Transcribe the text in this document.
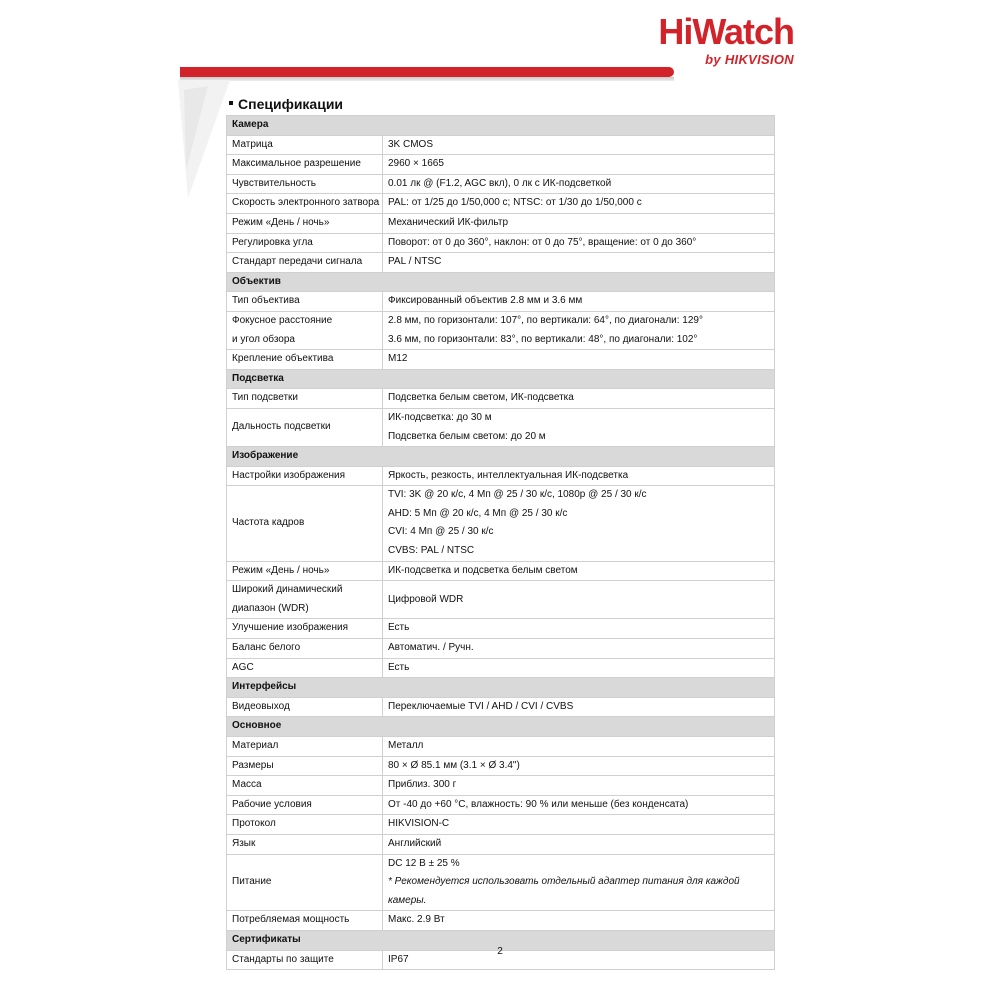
HiWatch
by HIKVISION
Спецификации
Камера	

Матрица	3K CMOS

Максимальное разрешение	2960 × 1665

Чувствительность	0.01 лк @ (F1.2, AGC вкл), 0 лк с ИК-подсветкой

Скорость электронного затвора	PAL: от 1/25 до 1/50,000 с; NTSC: от 1/30 до 1/50,000 с

Режим «День / ночь»	Механический ИК-фильтр

Регулировка угла	Поворот: от 0 до 360°, наклон: от 0 до 75°, вращение: от 0 до 360°

Стандарт передачи сигнала	PAL / NTSC

Объектив	

Тип объектива	Фиксированный объектив 2.8 мм и 3.6 мм

Фокусное расстояние
и угол обзора	2.8 мм, по горизонтали: 107°, по вертикали: 64°, по диагонали: 129°
3.6 мм, по горизонтали: 83°, по вертикали: 48°, по диагонали: 102°

Крепление объектива	M12

Подсветка	

Тип подсветки	Подсветка белым светом, ИК-подсветка

Дальность подсветки	ИК-подсветка: до 30 м
Подсветка белым светом: до 20 м

Изображение	

Настройки изображения	Яркость, резкость, интеллектуальная ИК-подсветка

Частота кадров	TVI: 3K @ 20 к/с, 4 Мп @ 25 / 30 к/с, 1080p @ 25 / 30 к/с
AHD: 5 Мп @ 20 к/с, 4 Мп @ 25 / 30 к/с
CVI: 4 Мп @ 25 / 30 к/с
CVBS: PAL / NTSC

Режим «День / ночь»	ИК-подсветка и подсветка белым светом

Широкий динамический
диапазон (WDR)	Цифровой WDR

Улучшение изображения	Есть

Баланс белого	Автоматич. / Ручн.

AGC	Есть

Интерфейсы	

Видеовыход	Переключаемые TVI / AHD / CVI / CVBS

Основное	

Материал	Металл

Размеры	80 × Ø 85.1 мм (3.1 × Ø 3.4")

Масса	Приблиз. 300 г

Рабочие условия	От -40 до +60 °C, влажность: 90 % или меньше (без конденсата)

Протокол	HIKVISION-C

Язык	Английский

Питание	DC 12 В ± 25 %
* Рекомендуется использовать отдельный адаптер питания для каждой
камеры.

Потребляемая мощность	Макс. 2.9 Вт

Сертификаты	

Стандарты по защите	IP67
2
